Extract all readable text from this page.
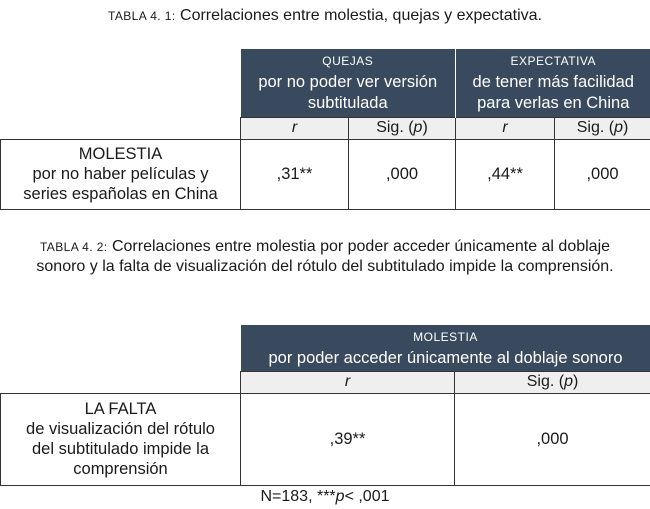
TABLA 4. 1: Correlaciones entre molestia, quejas y expectativa.

	QUEJAS
por no poder ver versión subtitulada		EXPECTATIVA
de tener más facilidad para verlas en China	
	r	Sig. (p)	r	Sig. (p)

MOLESTIA
por no haber películas y series españolas en China	,31**	,000	,44**	,000
TABLA 4. 2: Correlaciones entre molestia por poder acceder únicamente al doblaje sonoro y la falta de visualización del rótulo del subtitulado impide la comprensión.

	MOLESTIA
por poder acceder únicamente al doblaje sonoro	
	r	Sig. (p)

LA FALTA
de visualización del rótulo del subtitulado impide la comprensión	,39**	,000
N=183, ***p< ,001
